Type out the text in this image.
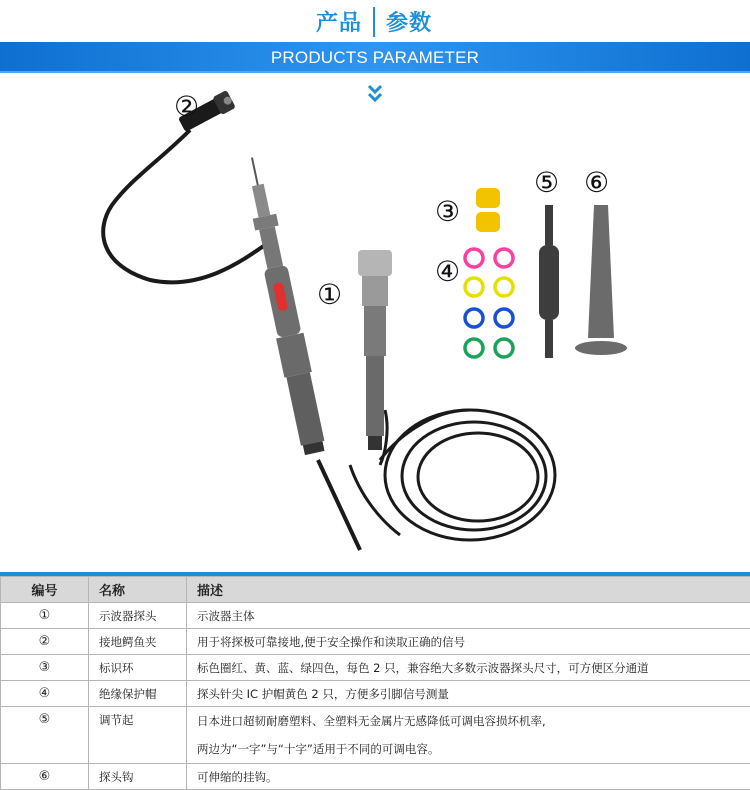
产品 参数
PRODUCTS PARAMETER
②
①
③
④
⑤ ⑥
编号	名称	描述
①	示波器探头	示波器主体
②	接地鳄鱼夹	用于将探极可靠接地,便于安全操作和读取正确的信号
③	标识环	标色圈红、黄、蓝、绿四色，每色 2 只，兼容绝大多数示波器探头尺寸，可方便区分通道
④	绝缘保护帽	探头针尖 IC 护帽黄色 2 只，方便多引脚信号测量
⑤	调节起	日本进口超韧耐磨塑料、全塑料无金属片无感降低可调电容损坏机率,
两边为“一字”与“十字”适用于不同的可调电容。

⑥	探头钩	可伸缩的挂钩。
